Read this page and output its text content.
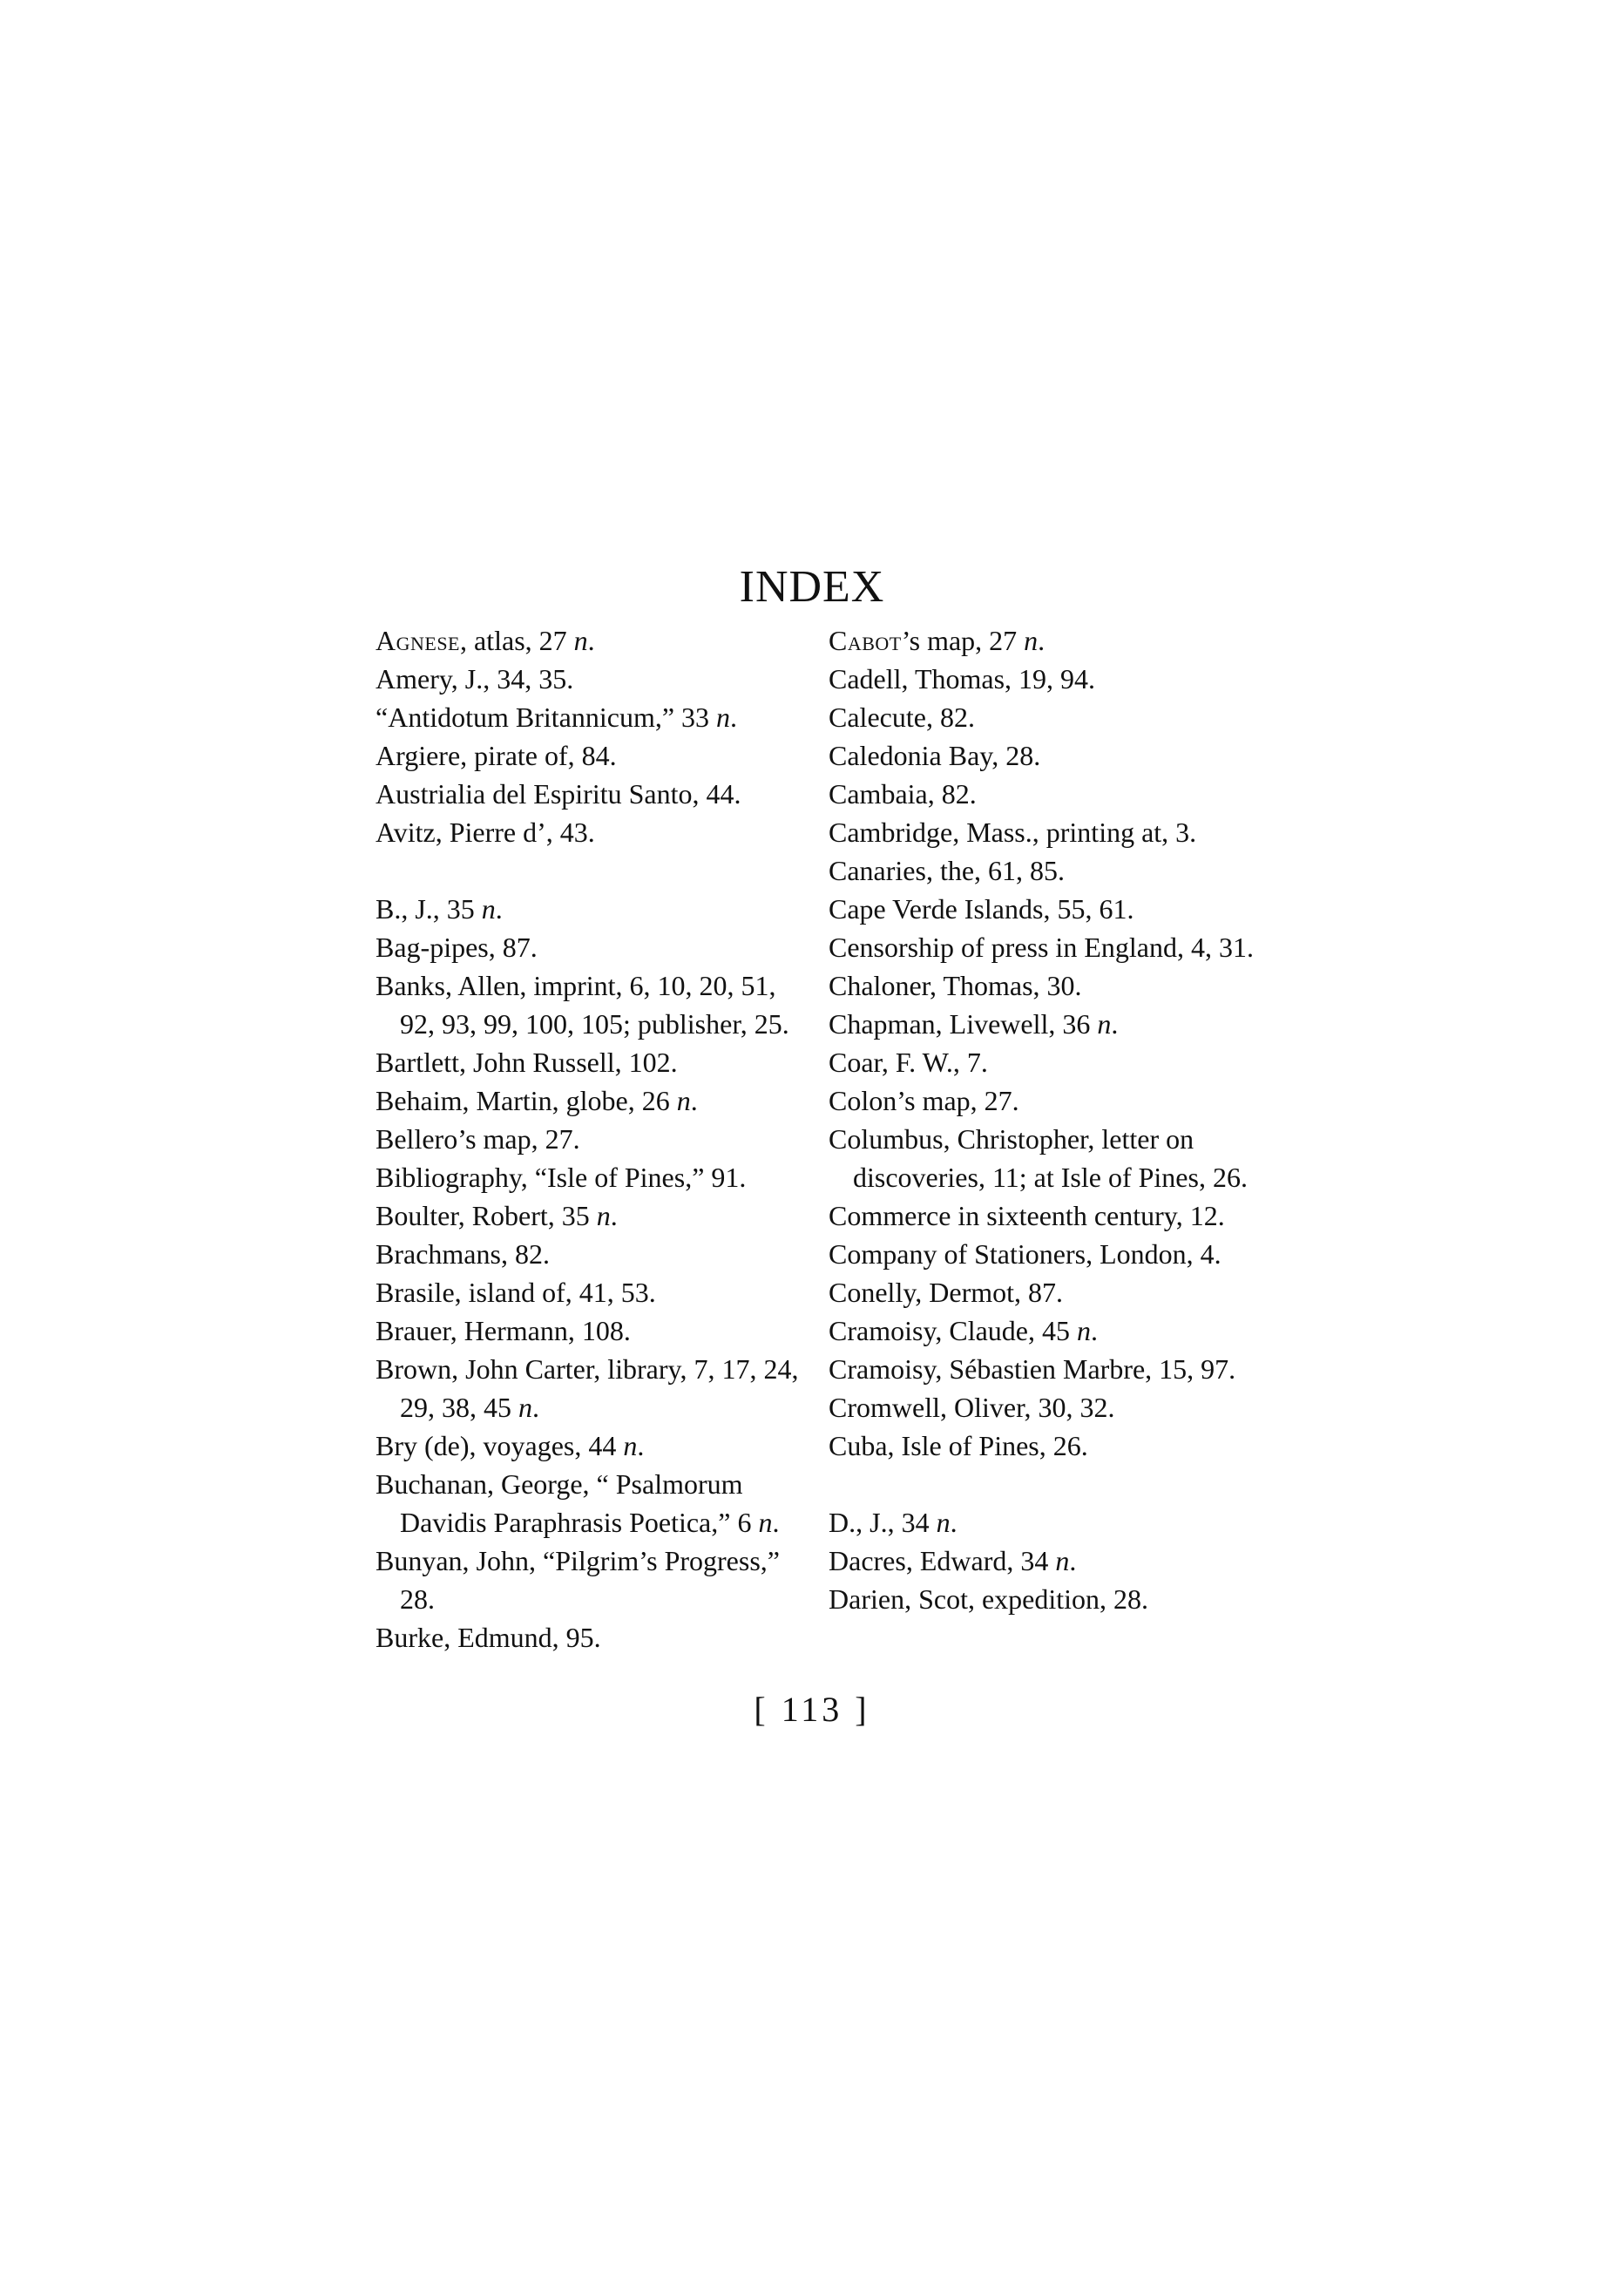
INDEX
Agnese, atlas, 27 n.
Amery, J., 34, 35.
“Antidotum Britannicum,” 33 n.
Argiere, pirate of, 84.
Austrialia del Espiritu Santo, 44.
Avitz, Pierre d’, 43.
B., J., 35 n.
Bag-pipes, 87.
Banks, Allen, imprint, 6, 10, 20, 51, 92, 93, 99, 100, 105; publisher, 25.
Bartlett, John Russell, 102.
Behaim, Martin, globe, 26 n.
Bellero’s map, 27.
Bibliography, “Isle of Pines,” 91.
Boulter, Robert, 35 n.
Brachmans, 82.
Brasile, island of, 41, 53.
Brauer, Hermann, 108.
Brown, John Carter, library, 7, 17, 24, 29, 38, 45 n.
Bry (de), voyages, 44 n.
Buchanan, George, “ Psalmorum Davidis Paraphrasis Poetica,” 6 n.
Bunyan, John, “Pilgrim’s Progress,” 28.
Burke, Edmund, 95.
Cabot’s map, 27 n.
Cadell, Thomas, 19, 94.
Calecute, 82.
Caledonia Bay, 28.
Cambaia, 82.
Cambridge, Mass., printing at, 3.
Canaries, the, 61, 85.
Cape Verde Islands, 55, 61.
Censorship of press in England, 4, 31.
Chaloner, Thomas, 30.
Chapman, Livewell, 36 n.
Coar, F. W., 7.
Colon’s map, 27.
Columbus, Christopher, letter on discoveries, 11; at Isle of Pines, 26.
Commerce in sixteenth century, 12.
Company of Stationers, London, 4.
Conelly, Dermot, 87.
Cramoisy, Claude, 45 n.
Cramoisy, Sébastien Marbre, 15, 97.
Cromwell, Oliver, 30, 32.
Cuba, Isle of Pines, 26.
D., J., 34 n.
Dacres, Edward, 34 n.
Darien, Scot, expedition, 28.
[ 113 ]
